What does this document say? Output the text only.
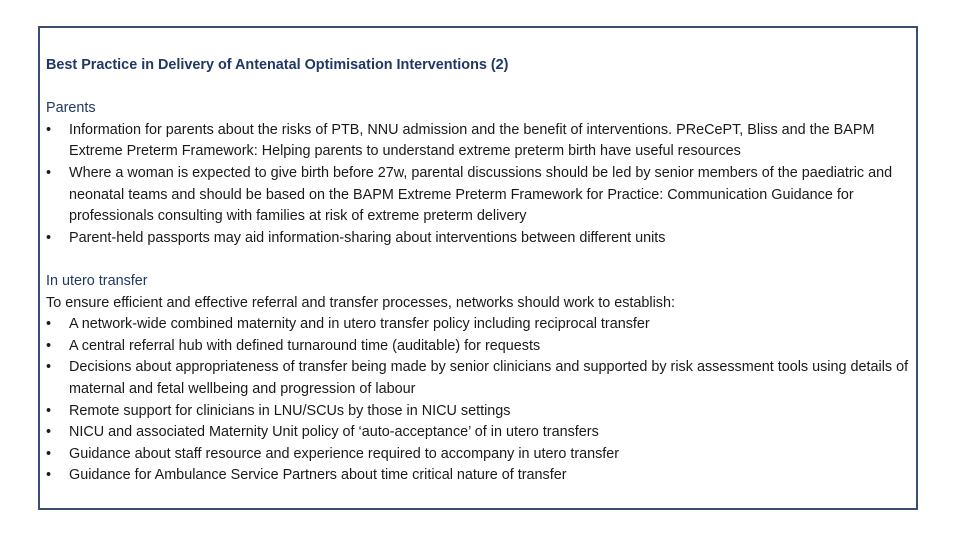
Best Practice in Delivery of Antenatal Optimisation Interventions (2)

Parents

•	Information for parents about the risks of PTB, NNU admission and the benefit of interventions. PReCePT, Bliss and the BAPM Extreme Preterm Framework: Helping parents to understand extreme preterm birth have useful resources
•	Where a woman is expected to give birth before 27w, parental discussions should be led by senior members of the paediatric and neonatal teams and should be based on the BAPM Extreme Preterm Framework for Practice: Communication Guidance for professionals consulting with families at risk of extreme preterm delivery
•	Parent-held passports may aid information-sharing about interventions between different units

In utero transfer

To ensure efficient and effective referral and transfer processes, networks should work to establish:

•	A network-wide combined maternity and in utero transfer policy including reciprocal transfer
•	A central referral hub with defined turnaround time (auditable) for requests
•	Decisions about appropriateness of transfer being made by senior clinicians and supported by risk assessment tools using details of maternal and fetal wellbeing and progression of labour
•	Remote support for clinicians in LNU/SCUs by those in NICU settings
•	NICU and associated Maternity Unit policy of ‘auto-acceptance’ of in utero transfers
•	Guidance about staff resource and experience required to accompany in utero transfer
•	Guidance for Ambulance Service Partners about time critical nature of transfer
